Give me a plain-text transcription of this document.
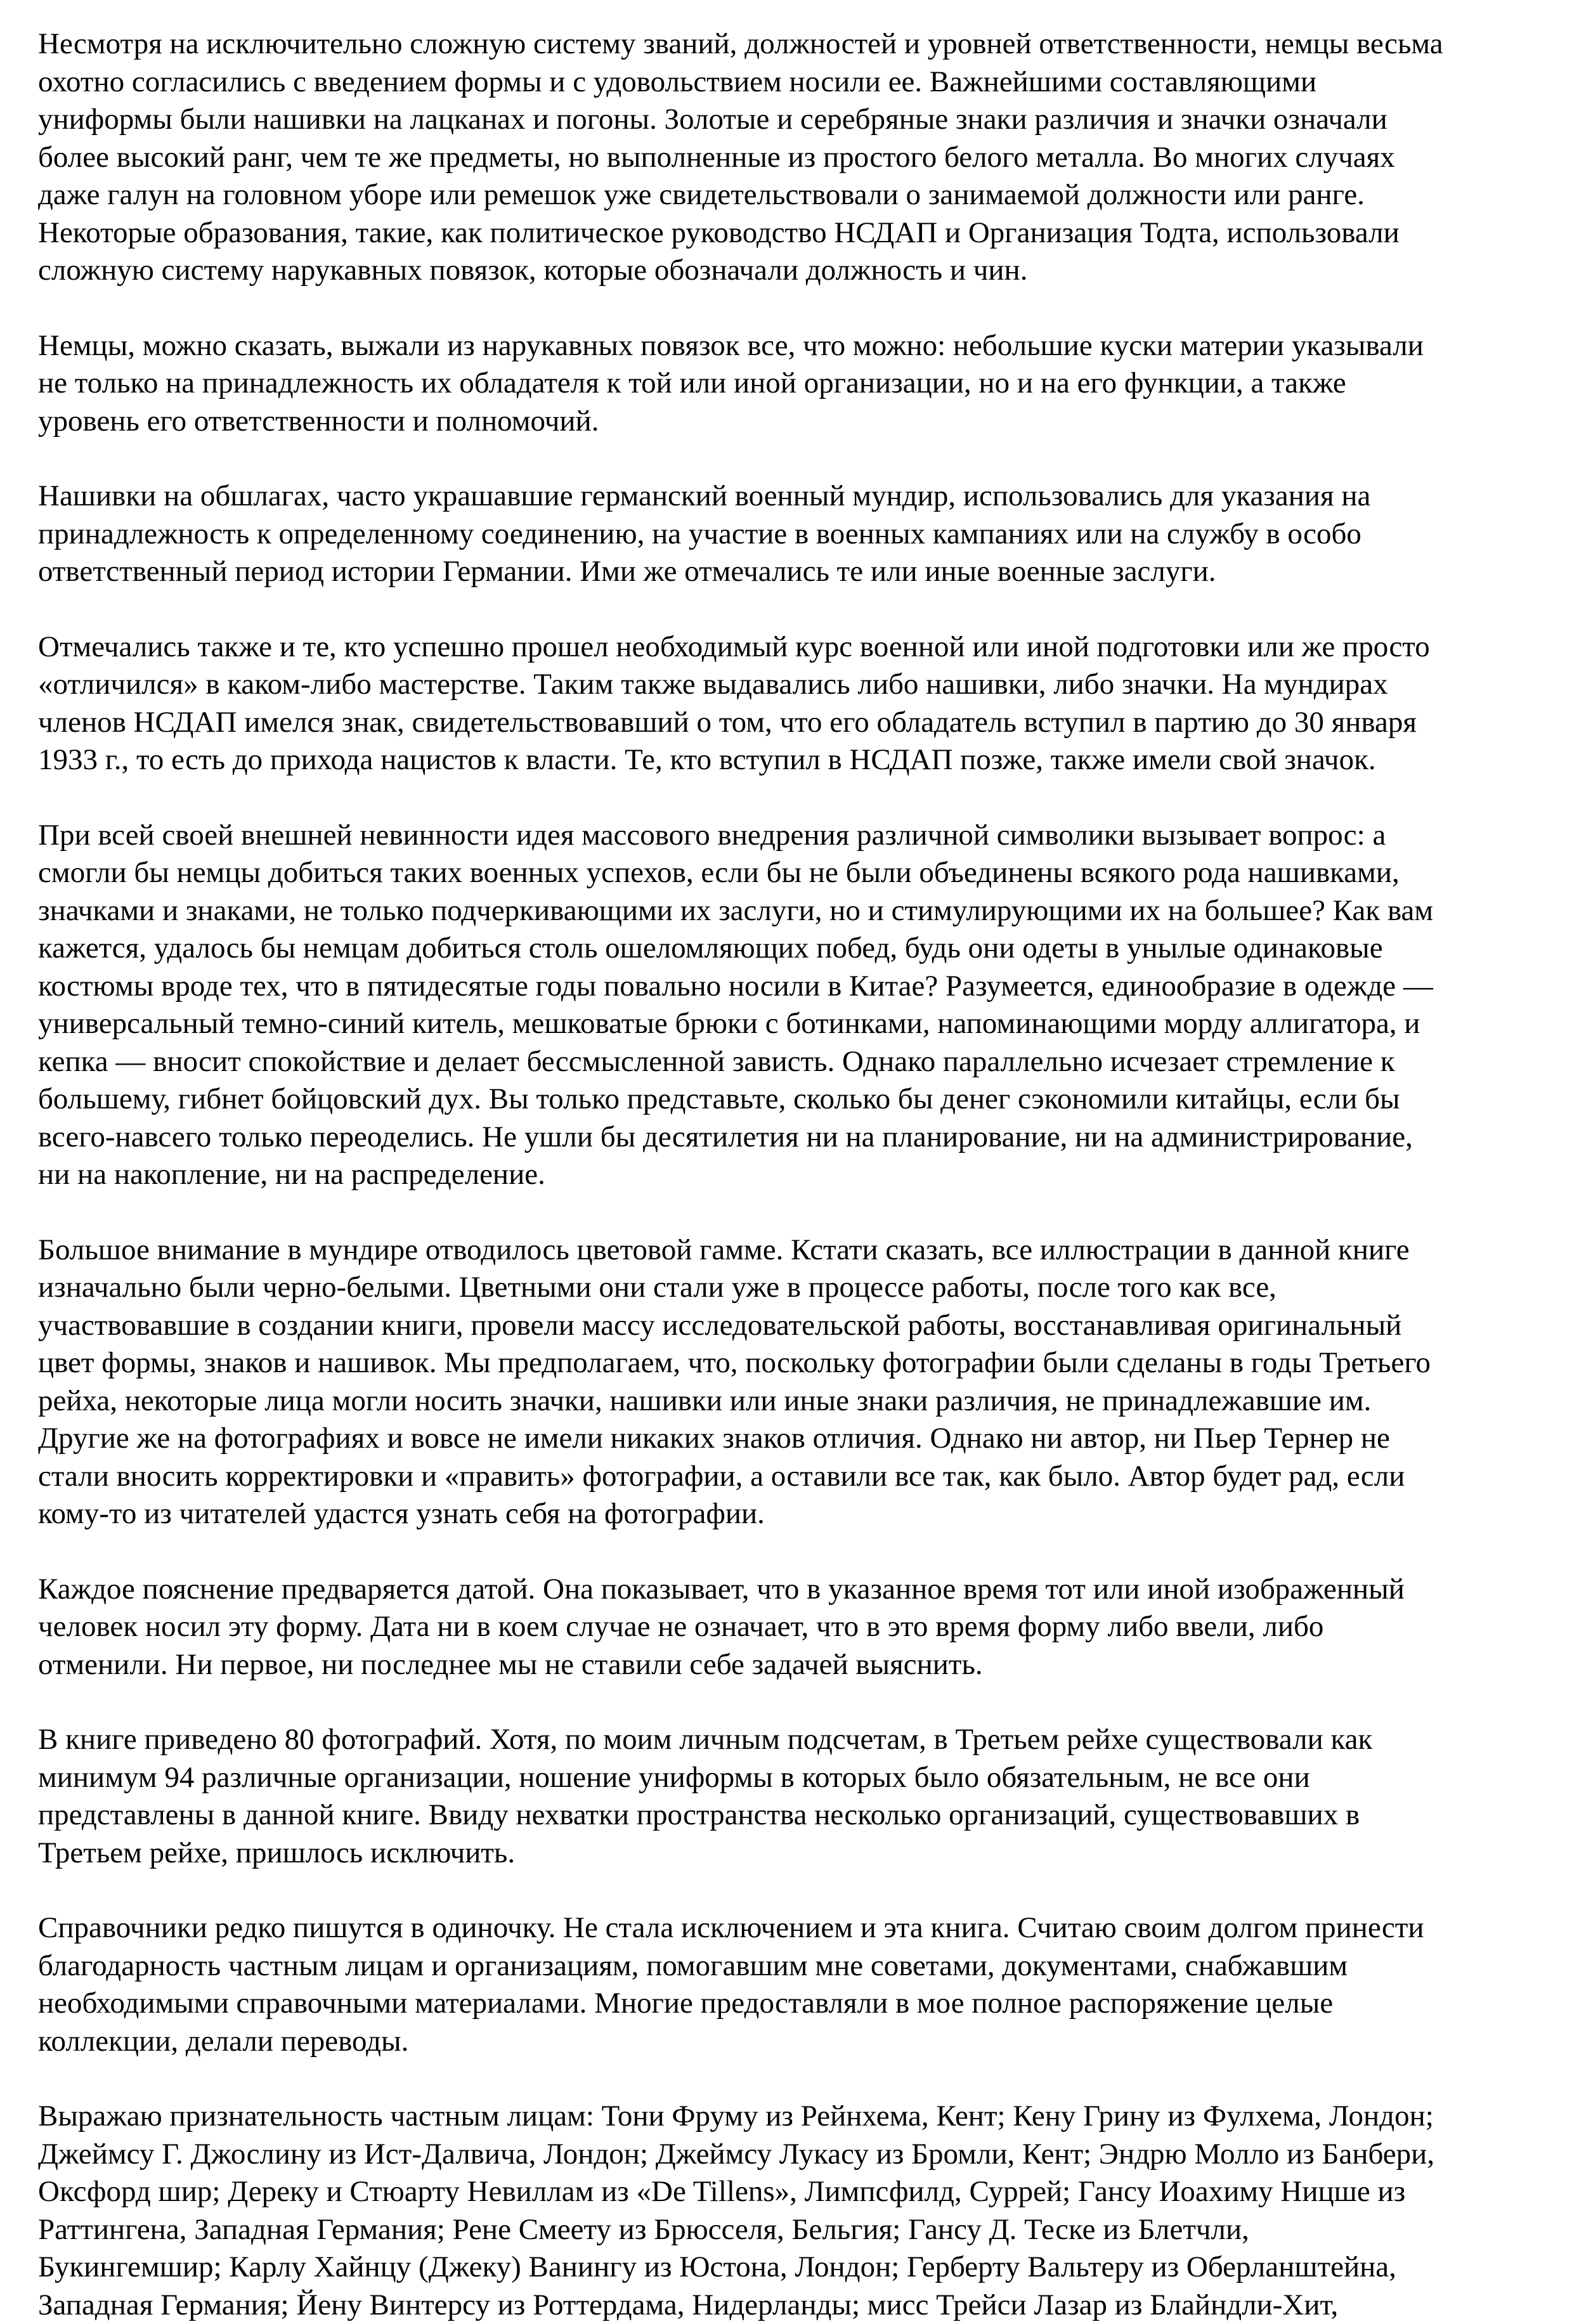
Несмотря на исключительно сложную систему званий, должностей и уровней ответственности, немцы весьма
охотно согласились с введением формы и с удовольствием носили ее. Важнейшими составляющими
униформы были нашивки на лацканах и погоны. Золотые и серебряные знаки различия и значки означали
более высокий ранг, чем те же предметы, но выполненные из простого белого металла. Во многих случаях
даже галун на головном уборе или ремешок уже свидетельствовали о занимаемой должности или ранге.
Некоторые образования, такие, как политическое руководство НСДАП и Организация Тодта, использовали
сложную систему нарукавных повязок, которые обозначали должность и чин.

Немцы, можно сказать, выжали из нарукавных повязок все, что можно: небольшие куски материи указывали
не только на принадлежность их обладателя к той или иной организации, но и на его функции, а также
уровень его ответственности и полномочий.

Нашивки на обшлагах, часто украшавшие германский военный мундир, использовались для указания на
принадлежность к определенному соединению, на участие в военных кампаниях или на службу в особо
ответственный период истории Германии. Ими же отмечались те или иные военные заслуги.

Отмечались также и те, кто успешно прошел необходимый курс военной или иной подготовки или же просто
«отличился» в каком-либо мастерстве. Таким также выдавались либо нашивки, либо значки. На мундирах
членов НСДАП имелся знак, свидетельствовавший о том, что его обладатель вступил в партию до 30 января
1933 г., то есть до прихода нацистов к власти. Те, кто вступил в НСДАП позже, также имели свой значок.

При всей своей внешней невинности идея массового внедрения различной символики вызывает вопрос: а
смогли бы немцы добиться таких военных успехов, если бы не были объединены всякого рода нашивками,
значками и знаками, не только подчеркивающими их заслуги, но и стимулирующими их на большее? Как вам
кажется, удалось бы немцам добиться столь ошеломляющих побед, будь они одеты в унылые одинаковые
костюмы вроде тех, что в пятидесятые годы повально носили в Китае? Разумеется, единообразие в одежде —
универсальный темно-синий китель, мешковатые брюки с ботинками, напоминающими морду аллигатора, и
кепка — вносит спокойствие и делает бессмысленной зависть. Однако параллельно исчезает стремление к
большему, гибнет бойцовский дух. Вы только представьте, сколько бы денег сэкономили китайцы, если бы
всего-навсего только переоделись. Не ушли бы десятилетия ни на планирование, ни на администрирование,
ни на накопление, ни на распределение.

Большое внимание в мундире отводилось цветовой гамме. Кстати сказать, все иллюстрации в данной книге
изначально были черно-белыми. Цветными они стали уже в процессе работы, после того как все,
участвовавшие в создании книги, провели массу исследовательской работы, восстанавливая оригинальный
цвет формы, знаков и нашивок. Мы предполагаем, что, поскольку фотографии были сделаны в годы Третьего
рейха, некоторые лица могли носить значки, нашивки или иные знаки различия, не принадлежавшие им.
Другие же на фотографиях и вовсе не имели никаких знаков отличия. Однако ни автор, ни Пьер Тернер не
стали вносить корректировки и «править» фотографии, а оставили все так, как было. Автор будет рад, если
кому-то из читателей удастся узнать себя на фотографии.

Каждое пояснение предваряется датой. Она показывает, что в указанное время тот или иной изображенный
человек носил эту форму. Дата ни в коем случае не означает, что в это время форму либо ввели, либо
отменили. Ни первое, ни последнее мы не ставили себе задачей выяснить.

В книге приведено 80 фотографий. Хотя, по моим личным подсчетам, в Третьем рейхе существовали как
минимум 94 различные организации, ношение униформы в которых было обязательным, не все они
представлены в данной книге. Ввиду нехватки пространства несколько организаций, существовавших в
Третьем рейхе, пришлось исключить.

Справочники редко пишутся в одиночку. Не стала исключением и эта книга. Считаю своим долгом принести
благодарность частным лицам и организациям, помогавшим мне советами, документами, снабжавшим
необходимыми справочными материалами. Многие предоставляли в мое полное распоряжение целые
коллекции, делали переводы.

Выражаю признательность частным лицам: Тони Фруму из Рейнхема, Кент; Кену Грину из Фулхема, Лондон;
Джеймсу Г. Джослину из Ист-Далвича, Лондон; Джеймсу Лукасу из Бромли, Кент; Эндрю Молло из Банбери,
Оксфорд шир; Дереку и Стюарту Невиллам из «De Tillens», Лимпсфилд, Суррей; Гансу Иоахиму Ницше из
Раттингена, Западная Германия; Рене Смеету из Брюсселя, Бельгия; Гансу Д. Теске из Блетчли,
Букингемшир; Карлу Хайнцу (Джеку) Ванингу из Юстона, Лондон; Герберту Вальтеру из Оберланштейна,
Западная Германия; Йену Винтерсу из Роттердама, Нидерланды; мисс Трейси Лазар из Блайндли-Хит,
